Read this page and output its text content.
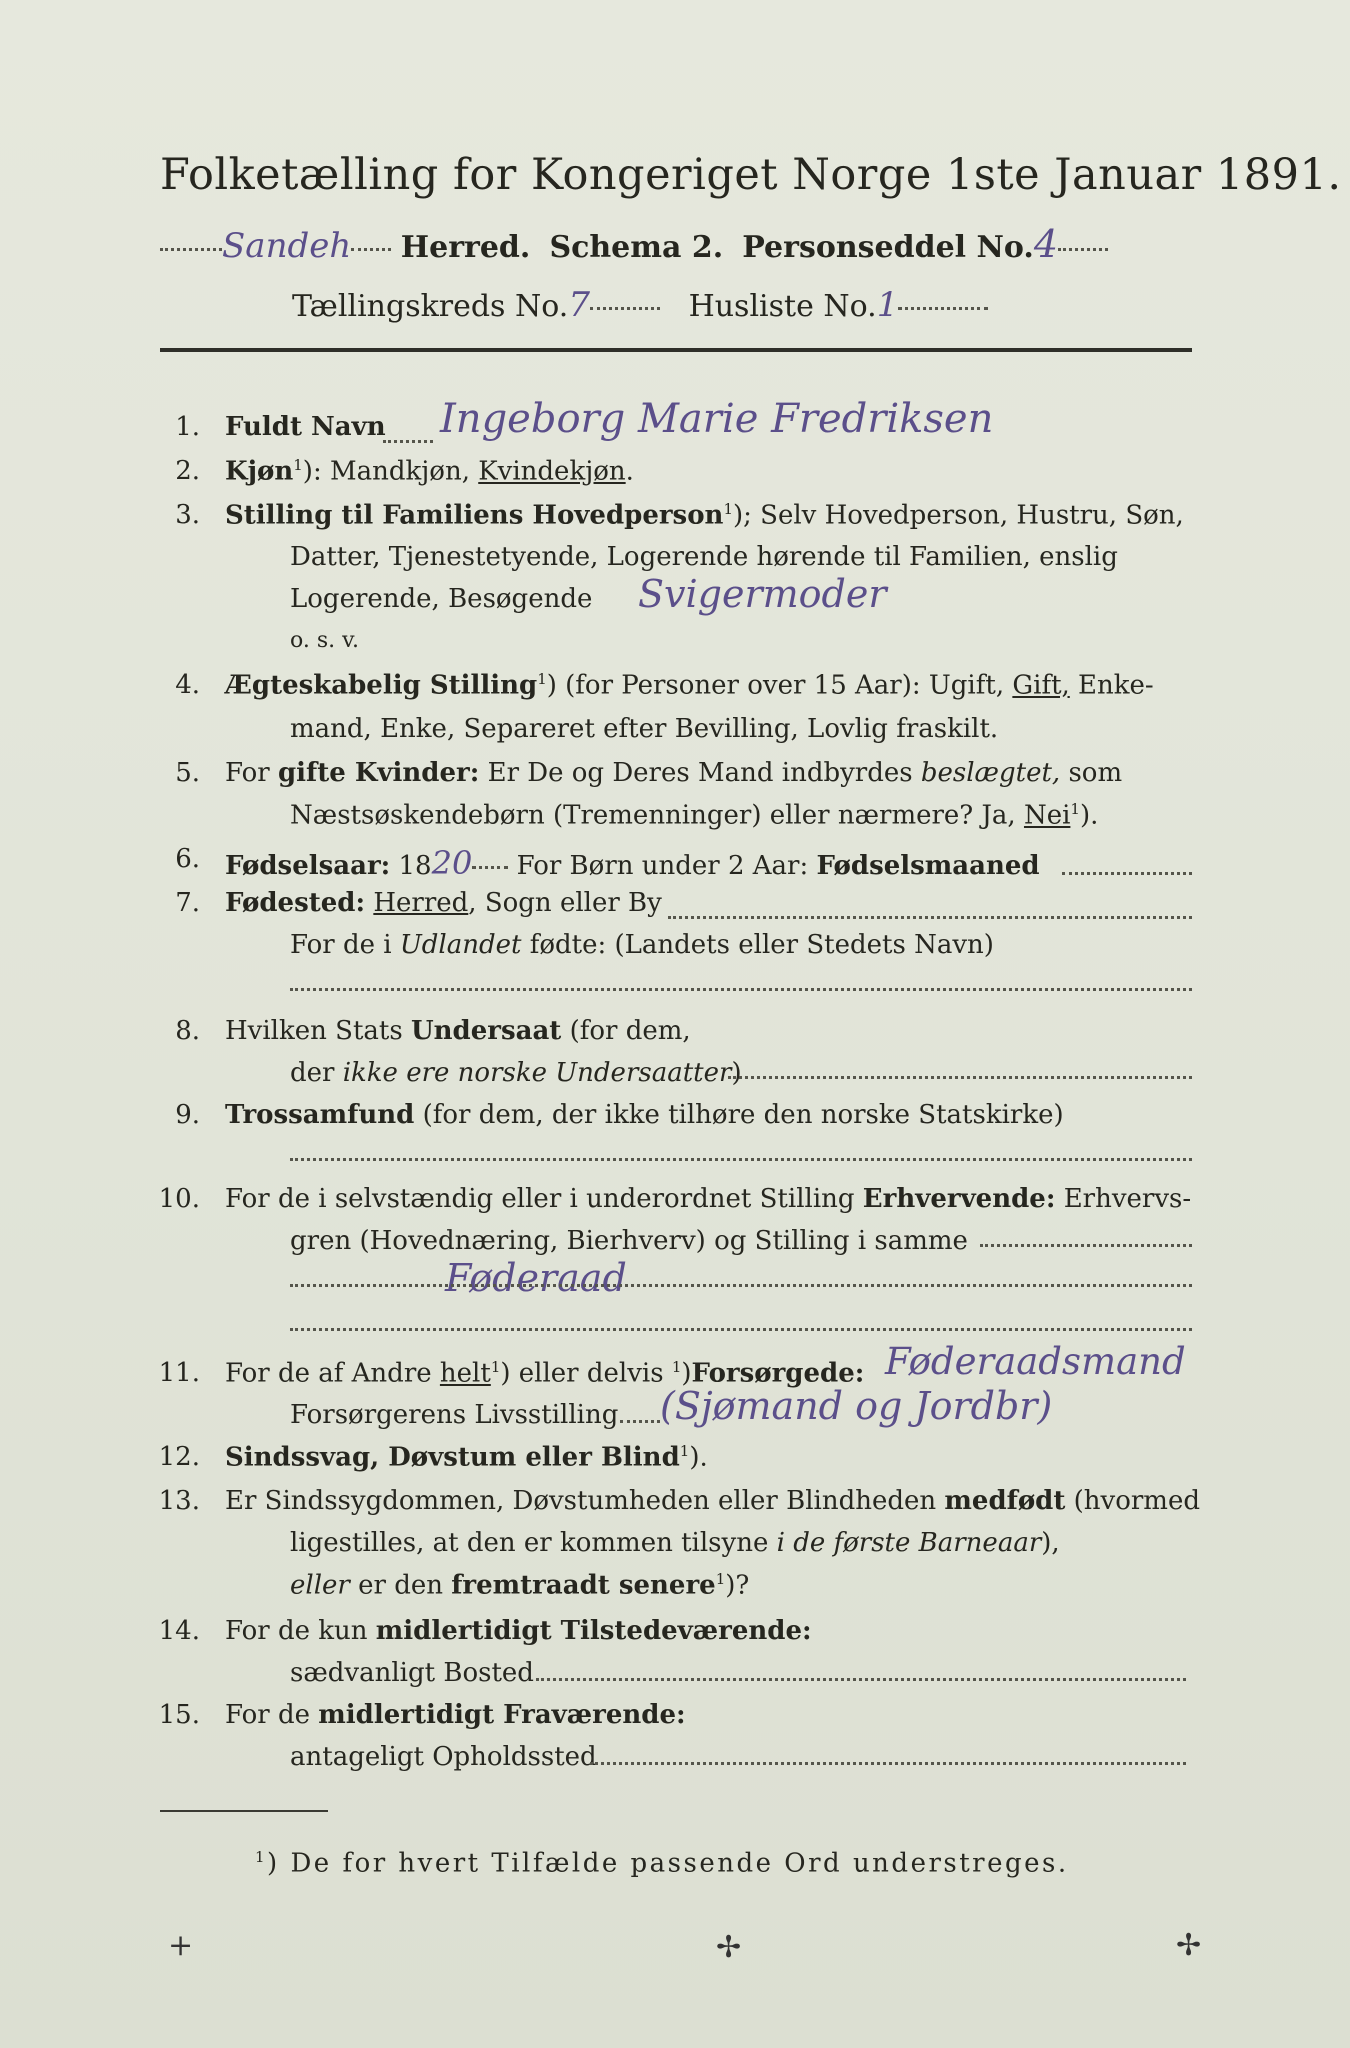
Folketælling for Kongeriget Norge 1ste Januar 1891.
Sandeh Herred. Schema 2. Personseddel No.4
Tællingskreds No.7	Husliste No.1
1. Fuldt Navn Ingeborg Marie Fredriksen
2. Kjøn$^1$): Mandkjøn, Kvindekjøn.
3. Stilling til Familiens Hovedperson$^1$); Selv Hovedperson, Hustru, Søn,
Datter, Tjenestetyende, Logerende hørende til Familien, enslig
Logerende, Besøgende Svigermoder
o. s. v.
4. Ægteskabelig Stilling$^1$) (for Personer over 15 Aar): Ugift, Gift, Enke-
mand, Enke, Separeret efter Bevilling, Lovlig fraskilt.
5. For gifte Kvinder: Er De og Deres Mand indbyrdes beslægtet, som
Næstsøskendebørn (Tremenninger) eller nærmere? Ja, Nei$^1$).
6. Fødselsaar: 1820 For Børn under 2 Aar: Fødselsmaaned
7. Fødested: Herred, Sogn eller By
For de i Udlandet fødte: (Landets eller Stedets Navn)
8. Hvilken Stats Undersaat (for dem,
der ikke ere norske Undersaatter)
9. Trossamfund (for dem, der ikke tilhøre den norske Statskirke)
10. For de i selvstændig eller i underordnet Stilling Erhvervende: Erhvervs-
gren (Hovednæring, Bierhverv) og Stilling i samme
Føderaad
11. For de af Andre helt$^1$) eller delvis $^1$)Forsørgede: Føderaadsmand
Forsørgerens Livsstilling (Sjømand og Jordbr)
12. Sindssvag, Døvstum eller Blind$^1$).
13. Er Sindssygdommen, Døvstumheden eller Blindheden medfødt (hvormed
ligestilles, at den er kommen tilsyne i de første Barneaar),
eller er den fremtraadt senere$^1$)?
14. For de kun midlertidigt Tilstedeværende:
sædvanligt Bosted
15. For de midlertidigt Fraværende:
antageligt Opholdssted
$^1$) De for hvert Tilfælde passende Ord understreges.
+	✢	✢
